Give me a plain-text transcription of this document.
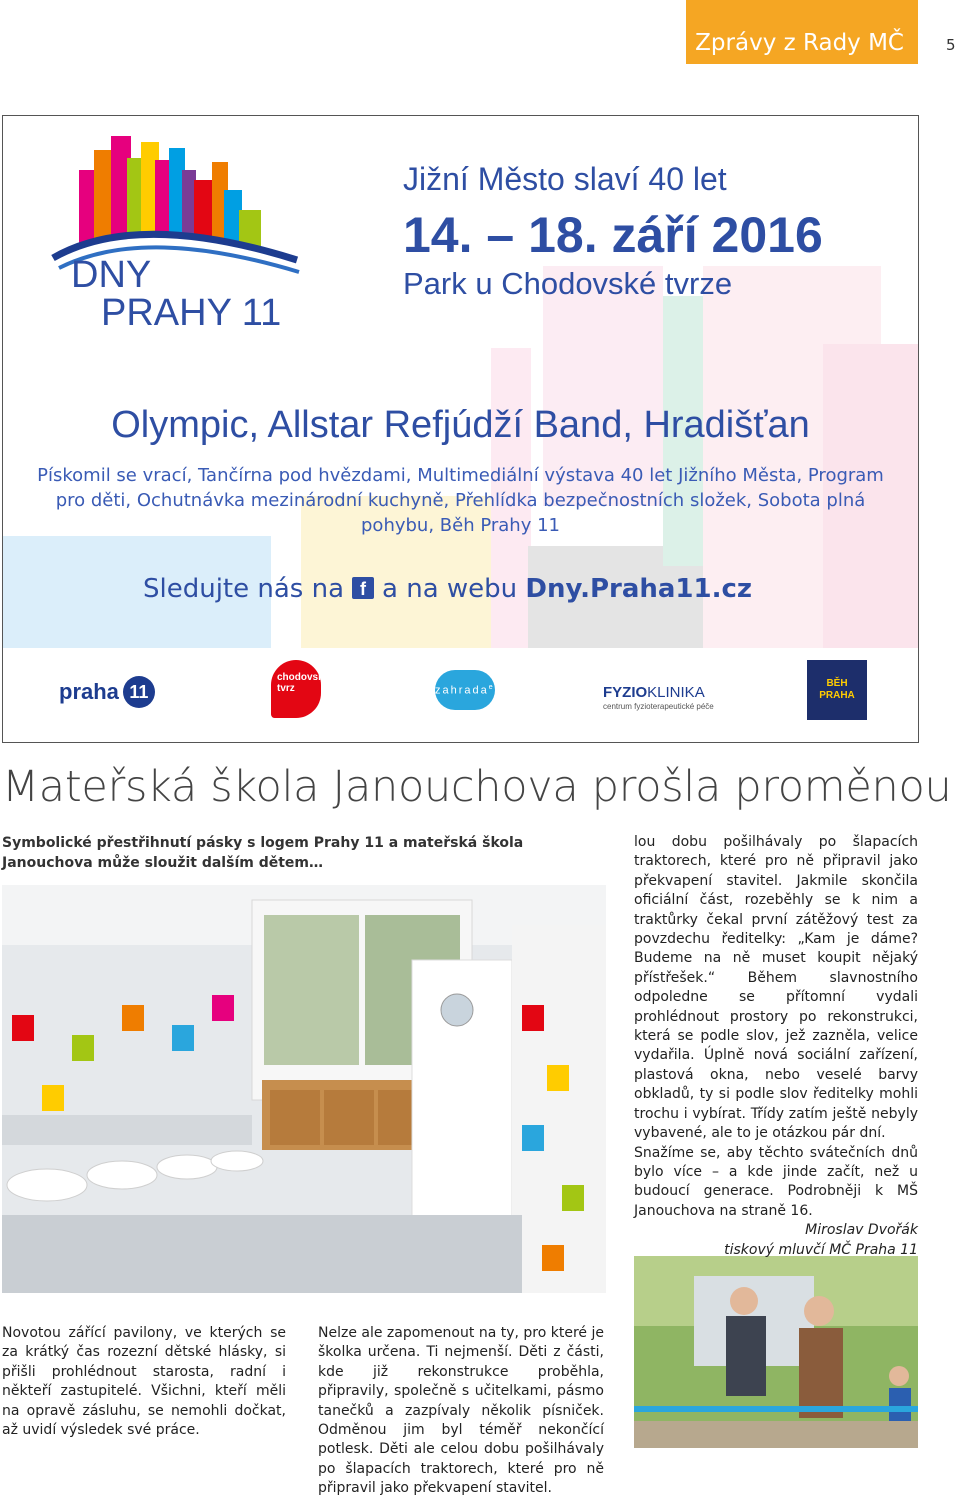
Zprávy z Rady MČ	5
DNY
PRAHY 11
Jižní Město slaví 40 let
14. – 18. září 2016
Park u Chodovské tvrze
Olympic, Allstar Refjúdží Band, Hradišťan
Pískomil se vrací, Tančírna pod hvězdami, Multimediální výstava 40 let Jižního Města, Program pro děti, Ochutnávka mezinárodní kuchyně, Přehlídka bezpečnostních složek, Sobota plná pohybu, Běh Prahy 11
Sledujte nás na f a na webu Dny.Praha11.cz
praha 11
chodovská
tvrz	zahrada$^{ec}$	FYZIOKLINIKA
centrum fyzioterapeutické péče
BĚH
PRAHA
Mateřská škola Janouchova prošla proměnou
Symbolické přestřihnutí pásky s logem Prahy 11 a mateřská škola Janouchova může sloužit dalším dětem…

Novotou zářící pavilony, ve kterých se za krátký čas rozezní dětské hlásky, si přišli prohlédnout starosta, radní i někteří zastupitelé. Všichni, kteří měli na opravě zásluhu, se nemohli dočkat, až uvidí výsledek své práce.

Nelze ale zapomenout na ty, pro které je školka určena. Ti nejmenší. Děti z části, kde již rekonstrukce proběhla, připravily, společně s učitelkami, pásmo tanečků a zazpívaly několik písniček. Odměnou jim byl téměř nekončící potlesk. Děti ale celou dobu pošilhávaly po šlapacích traktorech, které pro ně připravil jako překvapení stavitel.

lou dobu pošilhávaly po šlapacích traktorech, které pro ně připravil jako překvapení stavitel. Jakmile skončila oficiální část, rozeběhly se k nim a traktůrky čekal první zátěžový test za povzdechu ředitelky: „Kam je dáme? Budeme na ně muset koupit nějaký přístřešek.“ Během slavnostního odpoledne se přítomní vydali prohlédnout prostory po rekonstrukci, která se podle slov, jež zazněla, velice vydařila. Úplně nová sociální zařízení, plastová okna, nebo veselé barvy obkladů, ty si podle slov ředitelky mohli trochu i vybírat. Třídy zatím ještě nebyly vybavené, ale to je otázkou pár dní.

Snažíme se, aby těchto svátečních dnů bylo více – a kde jinde začít, než u budoucí generace. Podrobněji k MŠ Janouchova na straně 16.

Miroslav Dvořák

tiskový mluvčí MČ Praha 11
